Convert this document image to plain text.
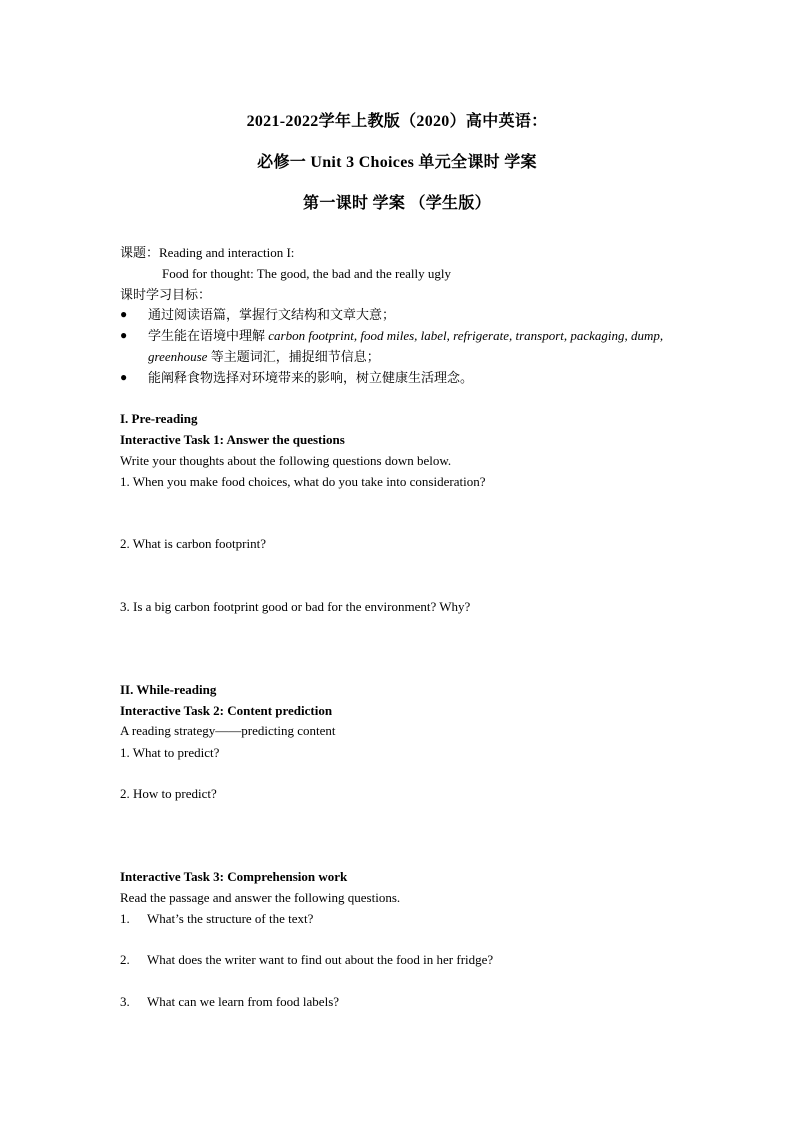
2021-2022学年上教版（2020）高中英语：
必修一 Unit 3 Choices 单元全课时 学案
第一课时 学案 （学生版）
课题：Reading and interaction I:
Food for thought: The good, the bad and the really ugly
课时学习目标：
●	通过阅读语篇，掌握行文结构和文章大意；
●	学生能在语境中理解 carbon footprint, food miles, label, refrigerate, transport, packaging, dump, greenhouse 等主题词汇，捕捉细节信息；
●	能阐释食物选择对环境带来的影响，树立健康生活理念。
I. Pre-reading
Interactive Task 1: Answer the questions
Write your thoughts about the following questions down below.
1. When you make food choices, what do you take into consideration?
2. What is carbon footprint?
3. Is a big carbon footprint good or bad for the environment? Why?
II. While-reading
Interactive Task 2: Content prediction
A reading strategy——predicting content
1. What to predict?
2. How to predict?
Interactive Task 3: Comprehension work
Read the passage and answer the following questions.
1. What’s the structure of the text?
2. What does the writer want to find out about the food in her fridge?
3. What can we learn from food labels?
